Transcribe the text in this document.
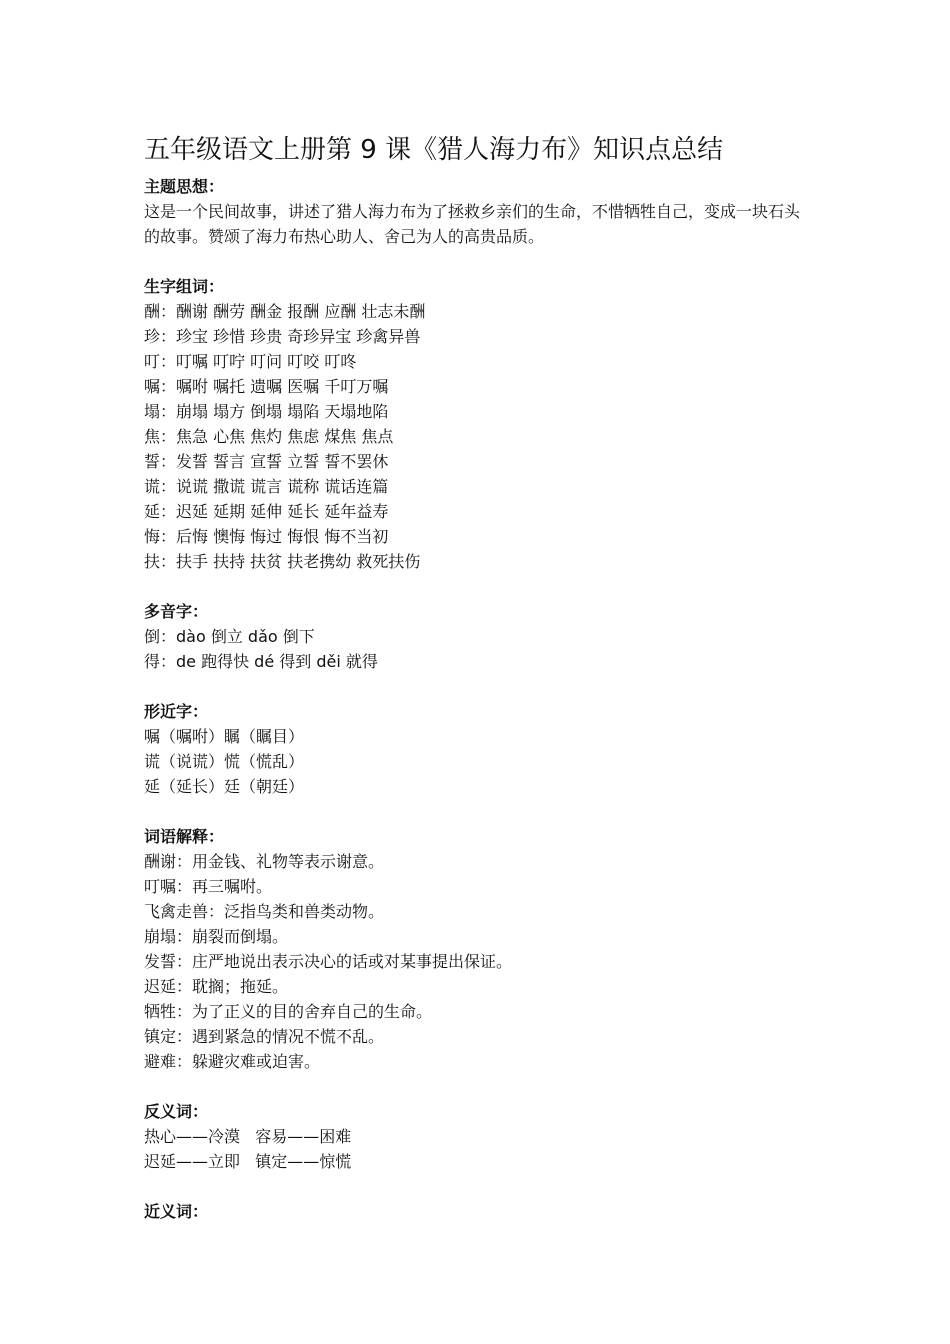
五年级语文上册第 9 课《猎人海力布》知识点总结

主题思想：

这是一个民间故事，讲述了猎人海力布为了拯救乡亲们的生命，不惜牺牲自己，变成一块石头的故事。赞颂了海力布热心助人、舍己为人的高贵品质。

生字组词：

酬：酬谢 酬劳 酬金 报酬 应酬 壮志未酬

珍：珍宝 珍惜 珍贵 奇珍异宝 珍禽异兽

叮：叮嘱 叮咛 叮问 叮咬 叮咚

嘱：嘱咐 嘱托 遗嘱 医嘱 千叮万嘱

塌：崩塌 塌方 倒塌 塌陷 天塌地陷

焦：焦急 心焦 焦灼 焦虑 煤焦 焦点

誓：发誓 誓言 宣誓 立誓 誓不罢休

谎：说谎 撒谎 谎言 谎称 谎话连篇

延：迟延 延期 延伸 延长 延年益寿

悔：后悔 懊悔 悔过 悔恨 悔不当初

扶：扶手 扶持 扶贫 扶老携幼 救死扶伤

多音字：

倒：dào 倒立 dǎo 倒下

得：de 跑得快 dé 得到 děi 就得

形近字：

嘱（嘱咐）瞩（瞩目）

谎（说谎）慌（慌乱）

延（延长）廷（朝廷）

词语解释：

酬谢：用金钱、礼物等表示谢意。

叮嘱：再三嘱咐。

飞禽走兽：泛指鸟类和兽类动物。

崩塌：崩裂而倒塌。

发誓：庄严地说出表示决心的话或对某事提出保证。

迟延：耽搁；拖延。

牺牲：为了正义的目的舍弃自己的生命。

镇定：遇到紧急的情况不慌不乱。

避难：躲避灾难或迫害。

反义词：

热心——冷漠   容易——困难

迟延——立即   镇定——惊慌

近义词：
